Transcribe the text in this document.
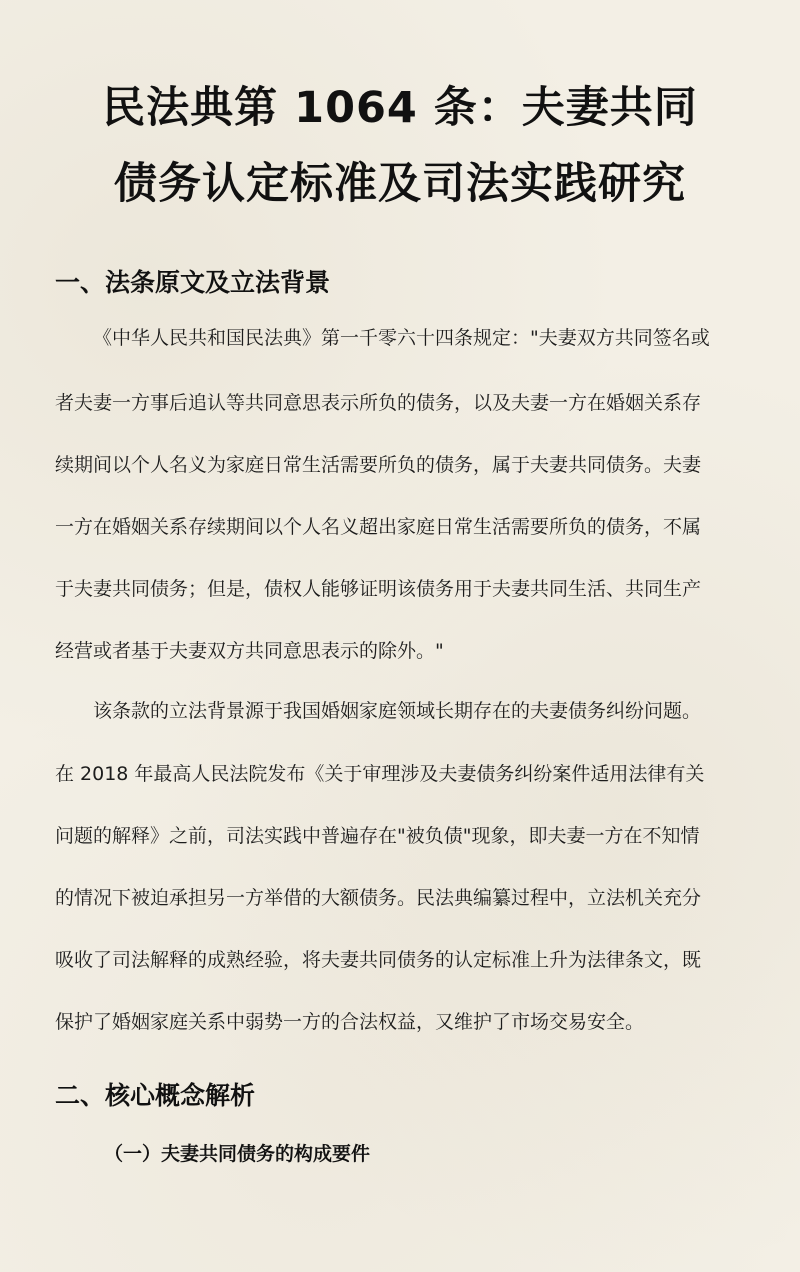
民法典第 1064 条：夫妻共同
债务认定标准及司法实践研究
一、法条原文及立法背景
《中华人民共和国民法典》第一千零六十四条规定："夫妻双方共同签名或
者夫妻一方事后追认等共同意思表示所负的债务，以及夫妻一方在婚姻关系存
续期间以个人名义为家庭日常生活需要所负的债务，属于夫妻共同债务。夫妻
一方在婚姻关系存续期间以个人名义超出家庭日常生活需要所负的债务，不属
于夫妻共同债务；但是，债权人能够证明该债务用于夫妻共同生活、共同生产
经营或者基于夫妻双方共同意思表示的除外。"
该条款的立法背景源于我国婚姻家庭领域长期存在的夫妻债务纠纷问题。
在 2018 年最高人民法院发布《关于审理涉及夫妻债务纠纷案件适用法律有关
问题的解释》之前，司法实践中普遍存在"被负债"现象，即夫妻一方在不知情
的情况下被迫承担另一方举借的大额债务。民法典编纂过程中，立法机关充分
吸收了司法解释的成熟经验，将夫妻共同债务的认定标准上升为法律条文，既
保护了婚姻家庭关系中弱势一方的合法权益，又维护了市场交易安全。
二、核心概念解析
（一）夫妻共同债务的构成要件
